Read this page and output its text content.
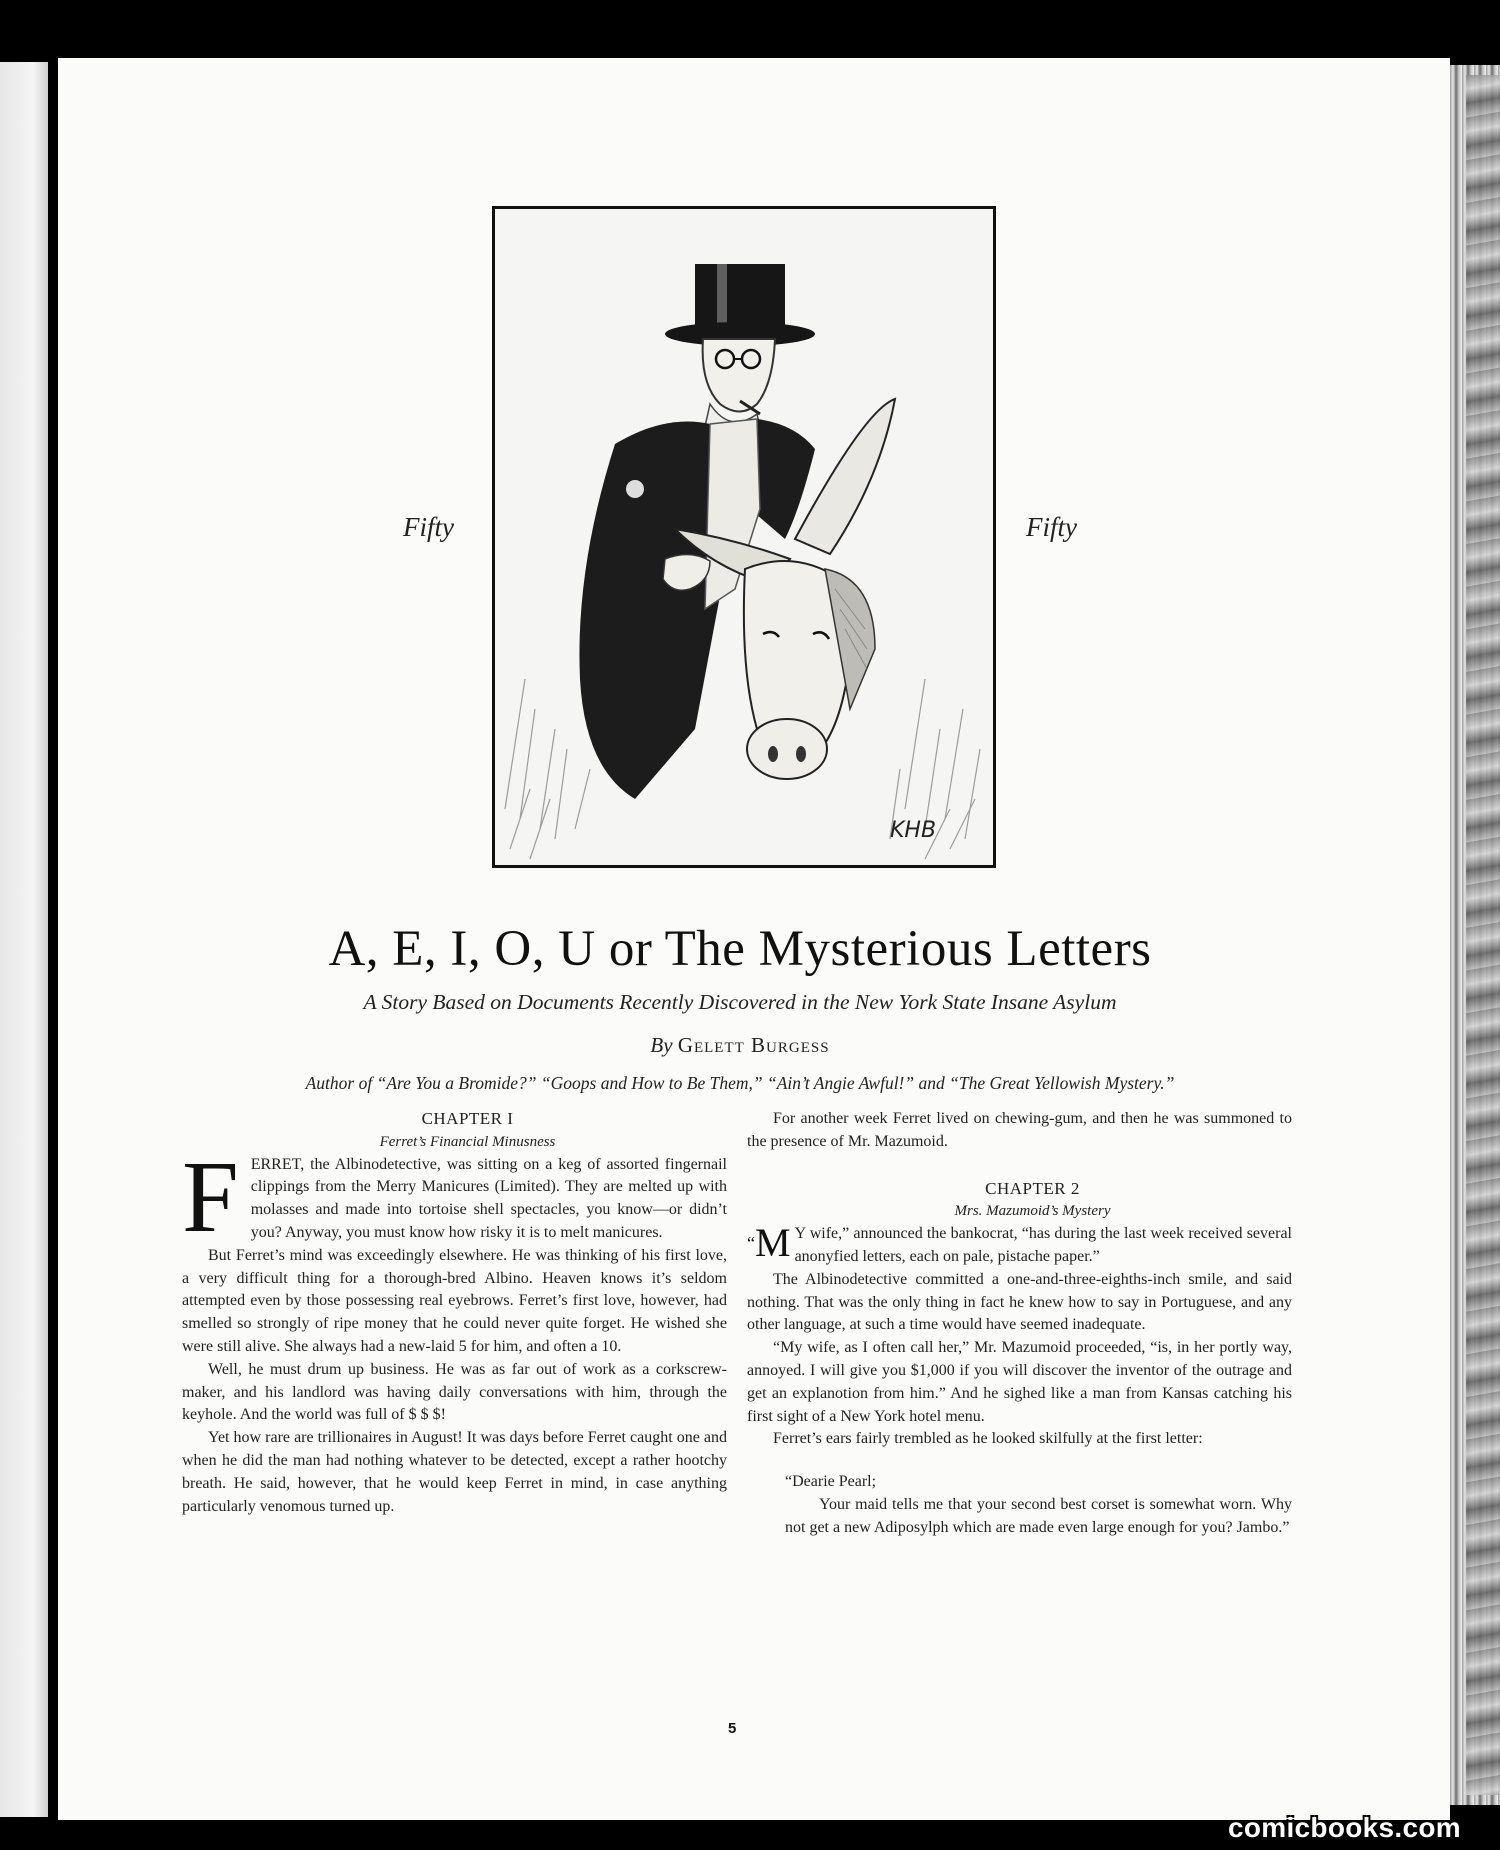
Fifty
KHB
Fifty
A, E, I, O, U or The Mysterious Letters
A Story Based on Documents Recently Discovered in the New York State Insane Asylum
By Gelett Burgess
Author of “Are You a Bromide?” “Goops and How to Be Them,” “Ain’t Angie Awful!” and “The Great Yellowish Mystery.”

CHAPTER I

Ferret’s Financial Minusness

FERRET, the Albinodetective, was sitting on a keg of assorted fingernail clippings from the Merry Manicures (Limited). They are melted up with molasses and made into tortoise shell spectacles, you know—or didn’t you? Anyway, you must know how risky it is to melt manicures.

But Ferret’s mind was exceedingly elsewhere. He was thinking of his first love, a very difficult thing for a thorough-bred Albino. Heaven knows it’s seldom attempted even by those possessing real eyebrows. Ferret’s first love, however, had smelled so strongly of ripe money that he could never quite forget. He wished she were still alive. She always had a new-laid 5 for him, and often a 10.

Well, he must drum up business. He was as far out of work as a corkscrew-maker, and his landlord was having daily conversations with him, through the keyhole. And the world was full of $ $ $!

Yet how rare are trillionaires in August! It was days before Ferret caught one and when he did the man had nothing whatever to be detected, except a rather hootchy breath. He said, however, that he would keep Ferret in mind, in case anything particularly venomous turned up.

For another week Ferret lived on chewing-gum, and then he was summoned to the presence of Mr. Mazumoid.

CHAPTER 2

Mrs. Mazumoid’s Mystery

“M Y wife,” announced the bankocrat, “has during the last week received several anonyfied letters, each on pale, pistache paper.”

The Albinodetective committed a one-and-three-eighths-inch smile, and said nothing. That was the only thing in fact he knew how to say in Portuguese, and any other language, at such a time would have seemed inadequate.

“My wife, as I often call her,” Mr. Mazumoid proceeded, “is, in her portly way, annoyed. I will give you $1,000 if you will discover the inventor of the outrage and get an explanotion from him.” And he sighed like a man from Kansas catching his first sight of a New York hotel menu.

Ferret’s ears fairly trembled as he looked skilfully at the first letter:

“Dearie Pearl;

Your maid tells me that your second best corset is somewhat worn. Why not get a new Adiposylph which are made even large enough for you? Jambo.”

5
comicbooks.com
